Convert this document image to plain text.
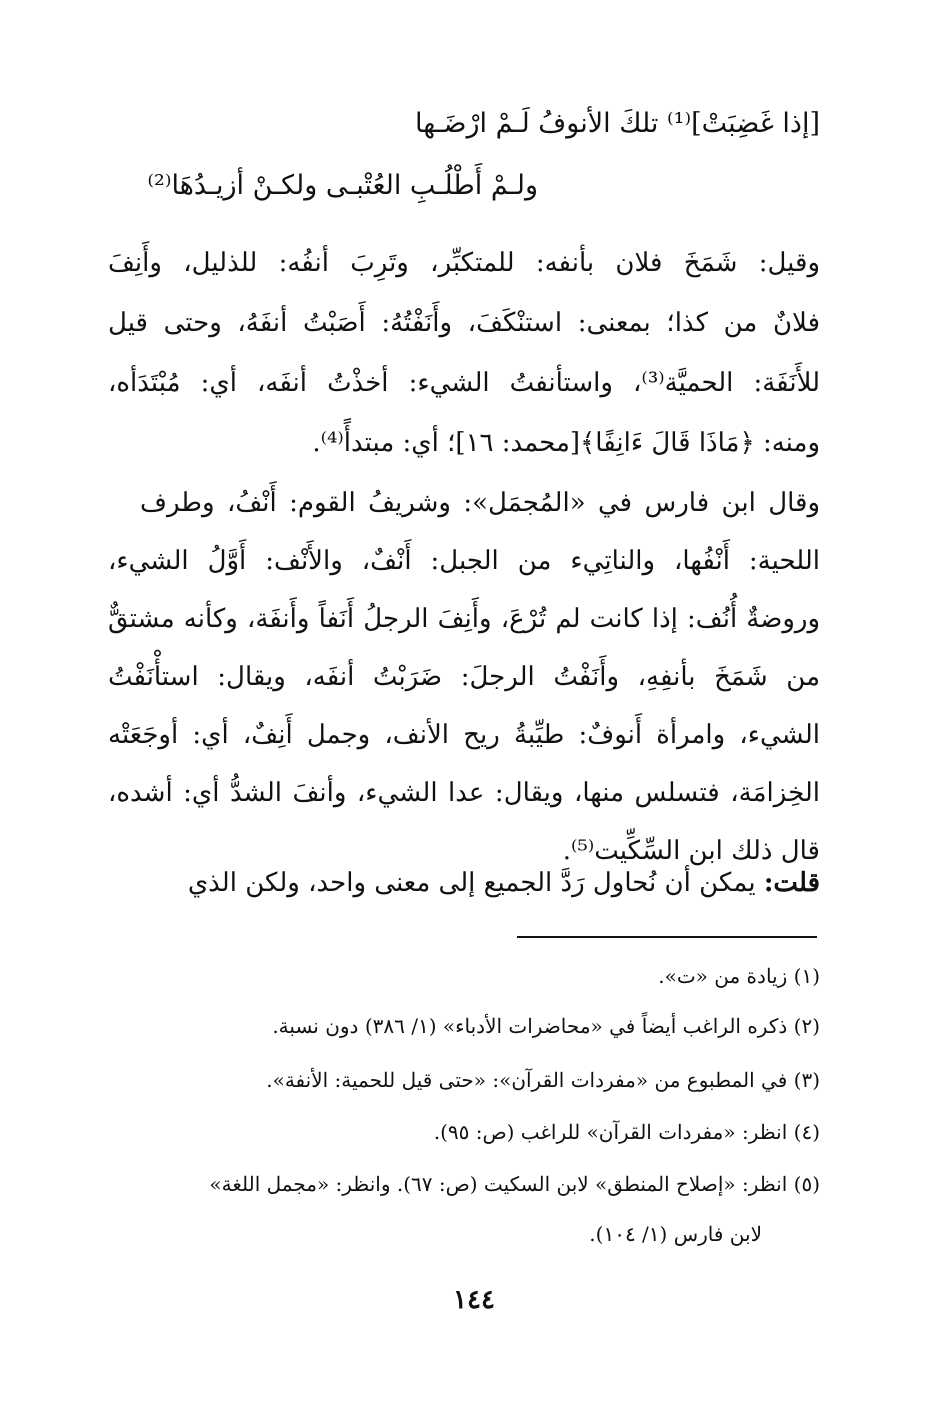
[إذا غَضِبَتْ]⁽¹⁾ تلكَ الأنوفُ لَـمْ ارْضَـها
ولـمْ أَطْلُـبِ العُتْبـى ولكـنْ أزيـدُهَا⁽²⁾
وقيل: شَمَخَ فلان بأنفه: للمتكبِّر، وتَرِبَ أنفُه: للذليل، وأَنِفَ
فلانٌ من كذا؛ بمعنى: استنْكَفَ، وأَنَفْتُهُ: أَصَبْتُ أنفَهُ، وحتى قيل
للأَنَفَة: الحميَّة⁽³⁾، واستأنفتُ الشيء: أخذْتُ أنفَه، أي: مُبْتَدَأه،
ومنه: ﴿مَاذَا قَالَ ءَانِفًا﴾[محمد: ١٦]؛ أي: مبتدأً⁽⁴⁾.
وقال ابن فارس في «المُجمَل»: وشريفُ القوم: أَنْفُ، وطرف
اللحية: أَنْفُها، والناتِيء من الجبل: أَنْفٌ، والأَنْف: أَوَّلُ الشيء،
وروضةٌ أُنُف: إذا كانت لم تُرْعَ، وأَنِفَ الرجلُ أَنَفاً وأَنفَة، وكأنه مشتقٌّ
من شَمَخَ بأنفِهِ، وأَنَفْتُ الرجلَ: ضَرَبْتُ أنفَه، ويقال: استأْنَفْتُ
الشيء، وامرأة أَنوفٌ: طيِّبةُ ريح الأنف، وجمل أَنِفٌ، أي: أوجَعَتْه
الخِزامَة، فتسلس منها، ويقال: عدا الشيء، وأنفَ الشدُّ أي: أشده،
قال ذلك ابن السِّكِّيت⁽⁵⁾.
قلت: يمكن أن نُحاول رَدَّ الجميع إلى معنى واحد، ولكن الذي
(١) زيادة من «ت».
(٢) ذكره الراغب أيضاً في «محاضرات الأدباء» (١/ ٣٨٦) دون نسبة.
(٣) في المطبوع من «مفردات القرآن»: «حتى قيل للحمية: الأنفة».
(٤) انظر: «مفردات القرآن» للراغب (ص: ٩٥).
(٥) انظر: «إصلاح المنطق» لابن السكيت (ص: ٦٧). وانظر: «مجمل اللغة»
لابن فارس (١/ ١٠٤).
١٤٤
